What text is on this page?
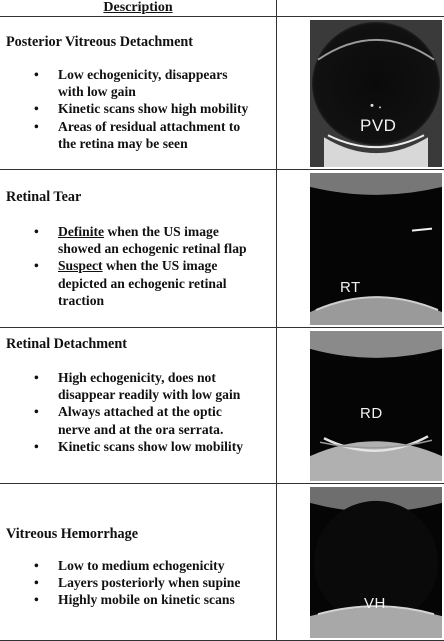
Description
Posterior Vitreous Detachment
• Low echogenicity, disappears
with low gain
• Kinetic scans show high mobility
• Areas of residual attachment to
the retina may be seen
PVD
Retinal Tear
• Definite when the US image
showed an echogenic retinal flap
• Suspect when the US image
depicted an echogenic retinal
traction
RT
Retinal Detachment
• High echogenicity, does not
disappear readily with low gain
• Always attached at the optic
nerve and at the ora serrata.
• Kinetic scans show low mobility
RD
Vitreous Hemorrhage
• Low to medium echogenicity
• Layers posteriorly when supine
• Highly mobile on kinetic scans	VH
